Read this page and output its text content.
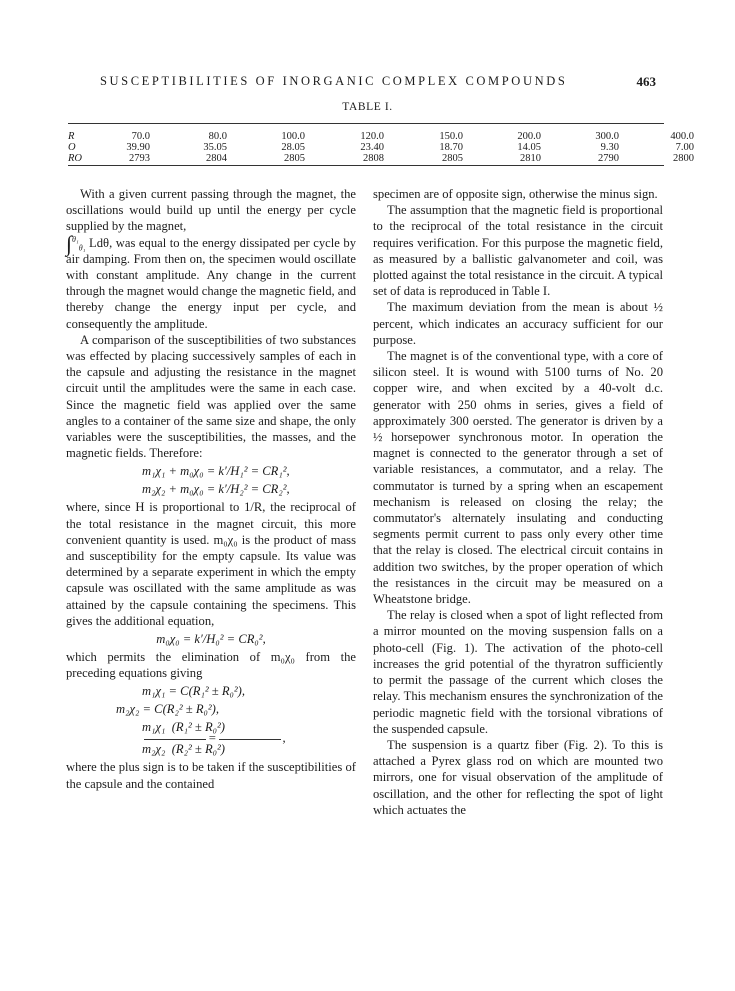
SUSCEPTIBILITIES OF INORGANIC COMPLEX COMPOUNDS	463
TABLE I.
R	70.0	80.0	100.0	120.0	150.0	200.0	300.0	400.0
O	39.90	35.05	28.05	23.40	18.70	14.05	9.30	7.00
RO	2793	2804	2805	2808	2805	2810	2790	2800

With a given current passing through the magnet, the oscillations would build up until the energy per cycle supplied by the magnet,
∫$^{\theta_1}_{\theta_1}$ Ldθ, was equal to the energy dissipated per cycle by air damping. From then on, the specimen would oscillate with constant amplitude. Any change in the current through the magnet would change the magnetic field, and thereby change the energy input per cycle, and consequently the amplitude.

A comparison of the susceptibilities of two substances was effected by placing successively samples of each in the capsule and adjusting the resistance in the magnet circuit until the amplitudes were the same in each case. Since the magnetic field was applied over the same angles to a container of the same size and shape, the only variables were the susceptibilities, the masses, and the magnetic fields. Therefore:

m₁χ₁ + m₀χ₀ = k′/H₁² = CR₁²,
m₂χ₂ + m₀χ₀ = k′/H₂² = CR₂²,

where, since H is proportional to 1/R, the reciprocal of the total resistance in the magnet circuit, this more convenient quantity is used. m₀χ₀ is the product of mass and susceptibility for the empty capsule. Its value was determined by a separate experiment in which the empty capsule was oscillated with the same amplitude as was attained by the capsule containing the specimens. This gives the additional equation,

m₀χ₀ = k′/H₀² = CR₀²,

which permits the elimination of m₀χ₀ from the preceding equations giving

m₁χ₁ = C(R₁² ± R₀²),
m₂χ₂ = C(R₂² ± R₀²),
m₁χ₁ (R₁² ± R₀²)
=	,
m₂χ₂ (R₂² ± R₀²)

where the plus sign is to be taken if the susceptibilities of the capsule and the contained

specimen are of opposite sign, otherwise the minus sign.

The assumption that the magnetic field is proportional to the reciprocal of the total resistance in the circuit requires verification. For this purpose the magnetic field, as measured by a ballistic galvanometer and coil, was plotted against the total resistance in the circuit. A typical set of data is reproduced in Table I.

The maximum deviation from the mean is about ½ percent, which indicates an accuracy sufficient for our purpose.

The magnet is of the conventional type, with a core of silicon steel. It is wound with 5100 turns of No. 20 copper wire, and when excited by a 40-volt d.c. generator with 250 ohms in series, gives a field of approximately 300 oersted. The generator is driven by a ½ horsepower synchronous motor. In operation the magnet is connected to the generator through a set of variable resistances, a commutator, and a relay. The commutator is turned by a spring when an escapement mechanism is released on closing the relay; the commutator's alternately insulating and conducting segments permit current to pass only every other time that the relay is closed. The electrical circuit contains in addition two switches, by the proper operation of which the resistances in the circuit may be measured on a Wheatstone bridge.

The relay is closed when a spot of light reflected from a mirror mounted on the moving suspension falls on a photo-cell (Fig. 1). The activation of the photo-cell increases the grid potential of the thyratron sufficiently to permit the passage of the current which closes the relay. This mechanism ensures the synchronization of the periodic magnetic field with the torsional vibrations of the suspended capsule.

The suspension is a quartz fiber (Fig. 2). To this is attached a Pyrex glass rod on which are mounted two mirrors, one for visual observation of the amplitude of oscillation, and the other for reflecting the spot of light which actuates the
